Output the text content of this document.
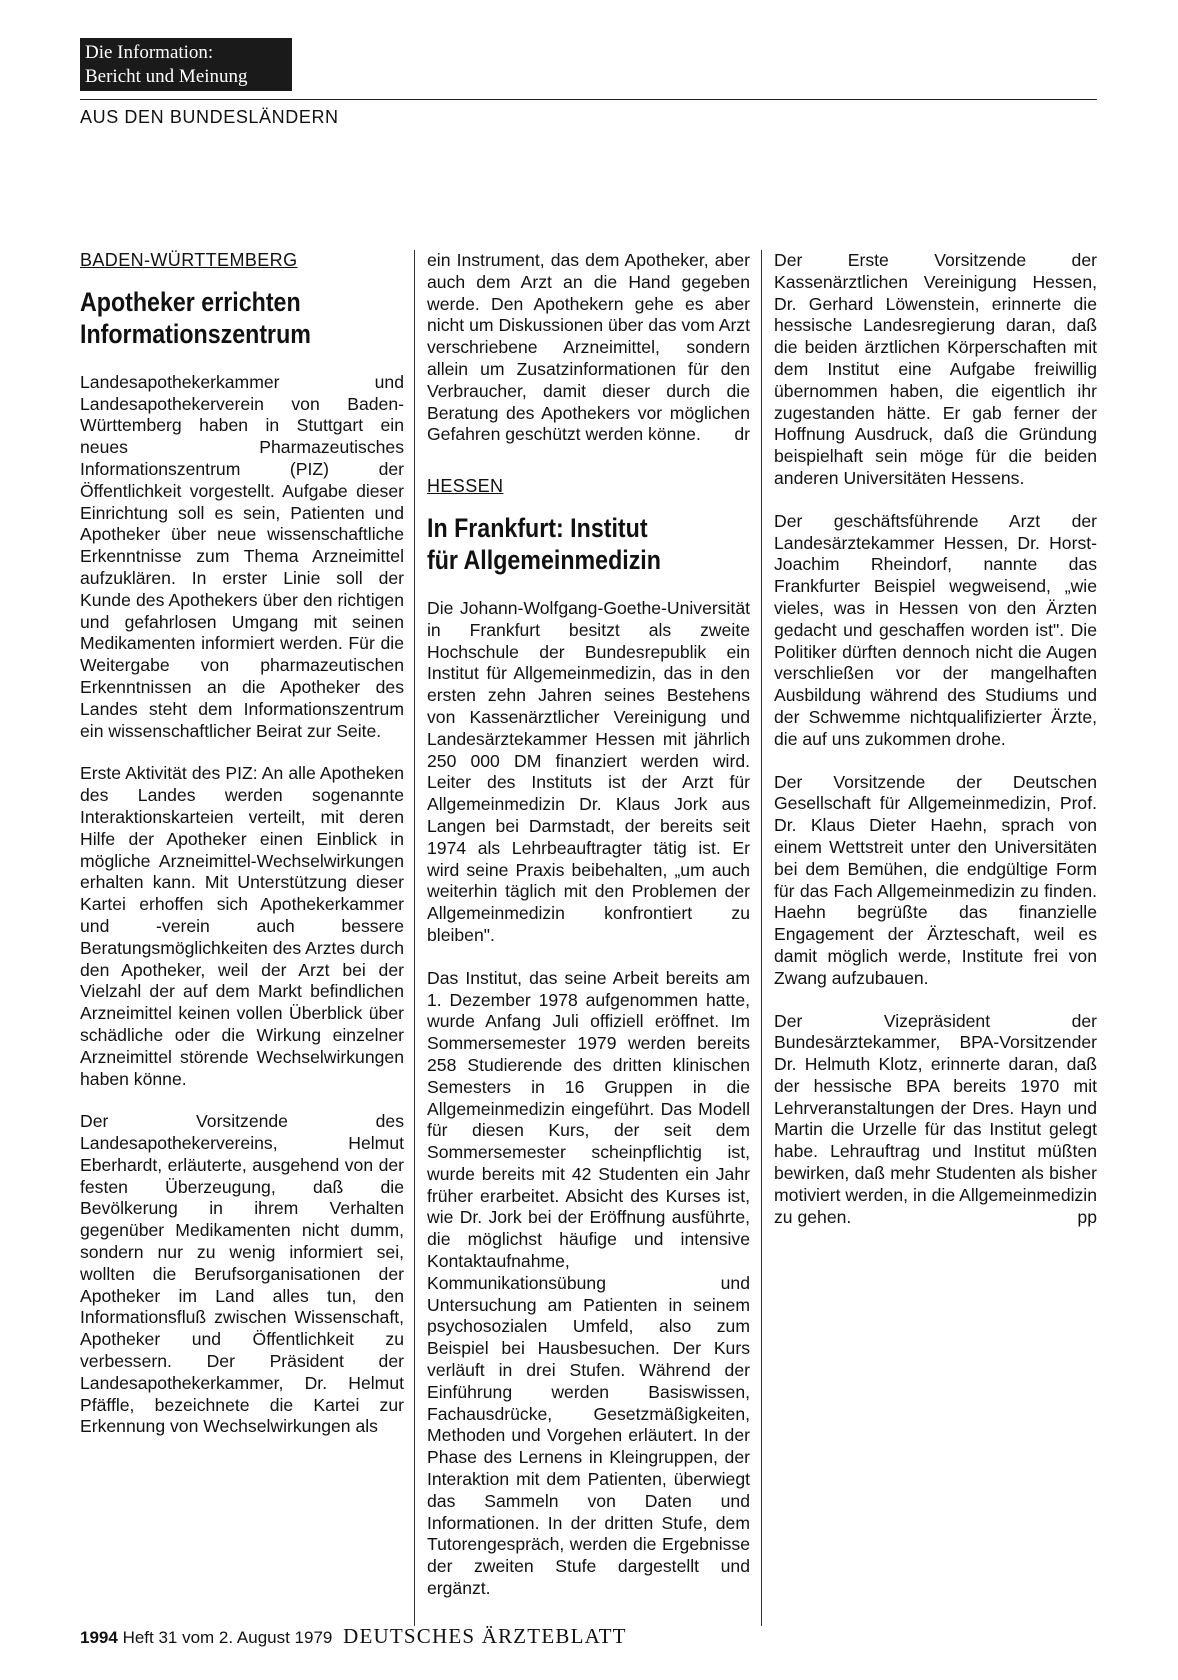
Die Information:
Bericht und Meinung
AUS DEN BUNDESLÄNDERN
BADEN-WÜRTTEMBERG
Apotheker errichten
Informationszentrum

Landesapothekerkammer und Landesapothekerverein von Baden-Württemberg haben in Stuttgart ein neues Pharmazeutisches Informationszentrum (PIZ) der Öffentlichkeit vorgestellt. Aufgabe dieser Einrichtung soll es sein, Patienten und Apotheker über neue wissenschaftliche Erkenntnisse zum Thema Arzneimittel aufzuklären. In erster Linie soll der Kunde des Apothekers über den richtigen und gefahrlosen Umgang mit seinen Medikamenten informiert werden. Für die Weitergabe von pharmazeutischen Erkenntnissen an die Apotheker des Landes steht dem Informationszentrum ein wissenschaftlicher Beirat zur Seite.

Erste Aktivität des PIZ: An alle Apotheken des Landes werden sogenannte Interaktionskarteien verteilt, mit deren Hilfe der Apotheker einen Einblick in mögliche Arzneimittel-Wechselwirkungen erhalten kann. Mit Unterstützung dieser Kartei erhoffen sich Apothekerkammer und -verein auch bessere Beratungsmöglichkeiten des Arztes durch den Apotheker, weil der Arzt bei der Vielzahl der auf dem Markt befindlichen Arzneimittel keinen vollen Überblick über schädliche oder die Wirkung einzelner Arzneimittel störende Wechselwirkungen haben könne.

Der Vorsitzende des Landesapothekervereins, Helmut Eberhardt, erläuterte, ausgehend von der festen Überzeugung, daß die Bevölkerung in ihrem Verhalten gegenüber Medikamenten nicht dumm, sondern nur zu wenig informiert sei, wollten die Berufsorganisationen der Apotheker im Land alles tun, den Informationsfluß zwischen Wissenschaft, Apotheker und Öffentlichkeit zu verbessern. Der Präsident der Landesapothekerkammer, Dr. Helmut Pfäffle, bezeichnete die Kartei zur Erkennung von Wechselwirkungen als

ein Instrument, das dem Apotheker, aber auch dem Arzt an die Hand gegeben werde. Den Apothekern gehe es aber nicht um Diskussionen über das vom Arzt verschriebene Arzneimittel, sondern allein um Zusatzinformationen für den Verbraucher, damit dieser durch die Beratung des Apothekers vor möglichen Gefahren geschützt werden könne. dr

HESSEN
In Frankfurt: Institut
für Allgemeinmedizin

Die Johann-Wolfgang-Goethe-Universität in Frankfurt besitzt als zweite Hochschule der Bundesrepublik ein Institut für Allgemeinmedizin, das in den ersten zehn Jahren seines Bestehens von Kassenärztlicher Vereinigung und Landesärztekammer Hessen mit jährlich 250 000 DM finanziert werden wird. Leiter des Instituts ist der Arzt für Allgemeinmedizin Dr. Klaus Jork aus Langen bei Darmstadt, der bereits seit 1974 als Lehrbeauftragter tätig ist. Er wird seine Praxis beibehalten, „um auch weiterhin täglich mit den Problemen der Allgemeinmedizin konfrontiert zu bleiben".

Das Institut, das seine Arbeit bereits am 1. Dezember 1978 aufgenommen hatte, wurde Anfang Juli offiziell eröffnet. Im Sommersemester 1979 werden bereits 258 Studierende des dritten klinischen Semesters in 16 Gruppen in die Allgemeinmedizin eingeführt. Das Modell für diesen Kurs, der seit dem Sommersemester scheinpflichtig ist, wurde bereits mit 42 Studenten ein Jahr früher erarbeitet. Absicht des Kurses ist, wie Dr. Jork bei der Eröffnung ausführte, die möglichst häufige und intensive Kontaktaufnahme, Kommunikationsübung und Untersuchung am Patienten in seinem psychosozialen Umfeld, also zum Beispiel bei Hausbesuchen. Der Kurs verläuft in drei Stufen. Während der Einführung werden Basiswissen, Fachausdrücke, Gesetzmäßigkeiten, Methoden und Vorgehen erläutert. In der Phase des Lernens in Kleingruppen, der Interaktion mit dem Patienten, überwiegt das Sammeln von Daten und Informationen. In der dritten Stufe, dem Tutorengespräch, werden die Ergebnisse der zweiten Stufe dargestellt und ergänzt.

Der Erste Vorsitzende der Kassenärztlichen Vereinigung Hessen, Dr. Gerhard Löwenstein, erinnerte die hessische Landesregierung daran, daß die beiden ärztlichen Körperschaften mit dem Institut eine Aufgabe freiwillig übernommen haben, die eigentlich ihr zugestanden hätte. Er gab ferner der Hoffnung Ausdruck, daß die Gründung beispielhaft sein möge für die beiden anderen Universitäten Hessens.

Der geschäftsführende Arzt der Landesärztekammer Hessen, Dr. Horst-Joachim Rheindorf, nannte das Frankfurter Beispiel wegweisend, „wie vieles, was in Hessen von den Ärzten gedacht und geschaffen worden ist". Die Politiker dürften dennoch nicht die Augen verschließen vor der mangelhaften Ausbildung während des Studiums und der Schwemme nichtqualifizierter Ärzte, die auf uns zukommen drohe.

Der Vorsitzende der Deutschen Gesellschaft für Allgemeinmedizin, Prof. Dr. Klaus Dieter Haehn, sprach von einem Wettstreit unter den Universitäten bei dem Bemühen, die endgültige Form für das Fach Allgemeinmedizin zu finden. Haehn begrüßte das finanzielle Engagement der Ärzteschaft, weil es damit möglich werde, Institute frei von Zwang aufzubauen.

Der Vizepräsident der Bundesärztekammer, BPA-Vorsitzender Dr. Helmuth Klotz, erinnerte daran, daß der hessische BPA bereits 1970 mit Lehrveranstaltungen der Dres. Hayn und Martin die Urzelle für das Institut gelegt habe. Lehrauftrag und Institut müßten bewirken, daß mehr Studenten als bisher motiviert werden, in die Allgemeinmedizin zu gehen.	pp

1994 Heft 31 vom 2. August 1979 DEUTSCHES ÄRZTEBLATT
